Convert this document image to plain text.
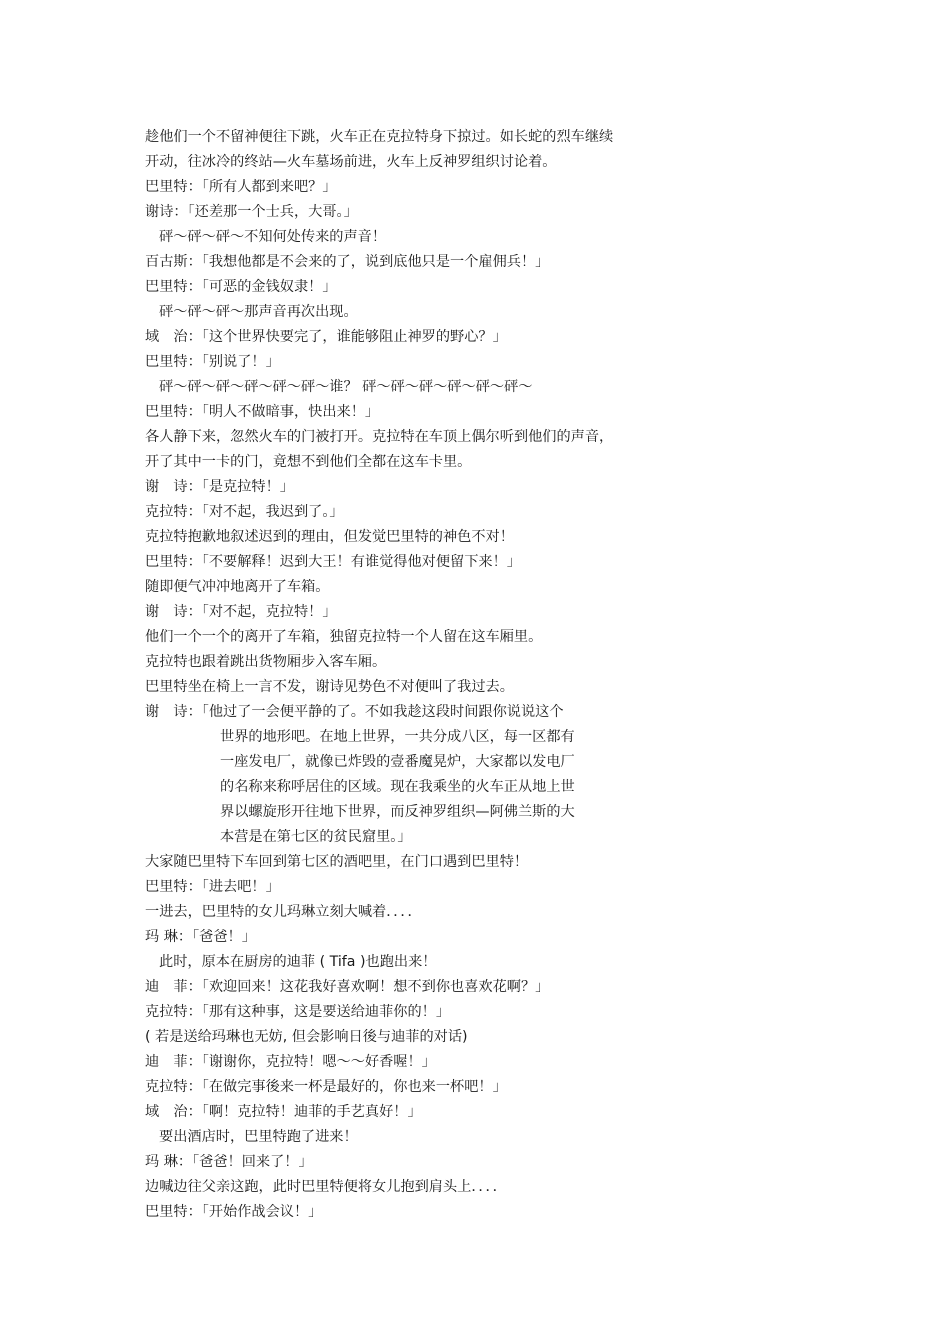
趁他们一个不留神便往下跳，火车正在克拉特身下掠过。如长蛇的烈车继续
开动，往冰冷的终站—火车墓场前进，火车上反神罗组织讨论着。
巴里特：「所有人都到来吧？」
谢诗：「还差那一个士兵，大哥。」
砰～砰～砰～不知何处传来的声音！
百古斯：「我想他都是不会来的了，说到底他只是一个雇佣兵！」
巴里特：「可恶的金钱奴隶！」
砰～砰～砰～那声音再次出现。
域　治：「这个世界快要完了，谁能够阻止神罗的野心？」
巴里特：「别说了！」
砰～砰～砰～砰～砰～砰～谁？ 砰～砰～砰～砰～砰～砰～
巴里特：「明人不做暗事，快出来！」
各人静下来，忽然火车的门被打开。克拉特在车顶上偶尔听到他们的声音，
开了其中一卡的门，竟想不到他们全都在这车卡里。
谢　诗：「是克拉特！」
克拉特：「对不起，我迟到了。」
克拉特抱歉地叙述迟到的理由，但发觉巴里特的神色不对！
巴里特：「不要解释！迟到大王！有谁觉得他对便留下来！」
随即便气冲冲地离开了车箱。
谢　诗：「对不起，克拉特！」
他们一个一个的离开了车箱，独留克拉特一个人留在这车厢里。
克拉特也跟着跳出货物厢步入客车厢。
巴里特坐在椅上一言不发，谢诗见势色不对便叫了我过去。
谢　诗：「他过了一会便平静的了。不如我趁这段时间跟你说说这个
世界的地形吧。在地上世界，一共分成八区，每一区都有
一座发电厂，就像已炸毁的壹番魔晃炉，大家都以发电厂
的名称来称呼居住的区域。现在我乘坐的火车正从地上世
界以螺旋形开往地下世界，而反神罗组织—阿佛兰斯的大
本营是在第七区的贫民窟里。」
大家随巴里特下车回到第七区的酒吧里，在门口遇到巴里特！
巴里特：「进去吧！」
一进去，巴里特的女儿玛琳立刻大喊着．．．．
玛 琳：「爸爸！」
此时，原本在厨房的迪菲 ( Tifa )也跑出来！
迪　菲：「欢迎回来！这花我好喜欢啊！想不到你也喜欢花啊？」
克拉特：「那有这种事，这是要送给迪菲你的！」
( 若是送给玛琳也无妨, 但会影响日後与迪菲的对话)
迪　菲：「谢谢你，克拉特！嗯～～好香喔！」
克拉特：「在做完事後来一杯是最好的，你也来一杯吧！」
域　治：「啊！克拉特！迪菲的手艺真好！」
要出酒店时，巴里特跑了进来！
玛 琳：「爸爸！回来了！」
边喊边往父亲这跑，此时巴里特便将女儿抱到肩头上．．．．
巴里特：「开始作战会议！」
